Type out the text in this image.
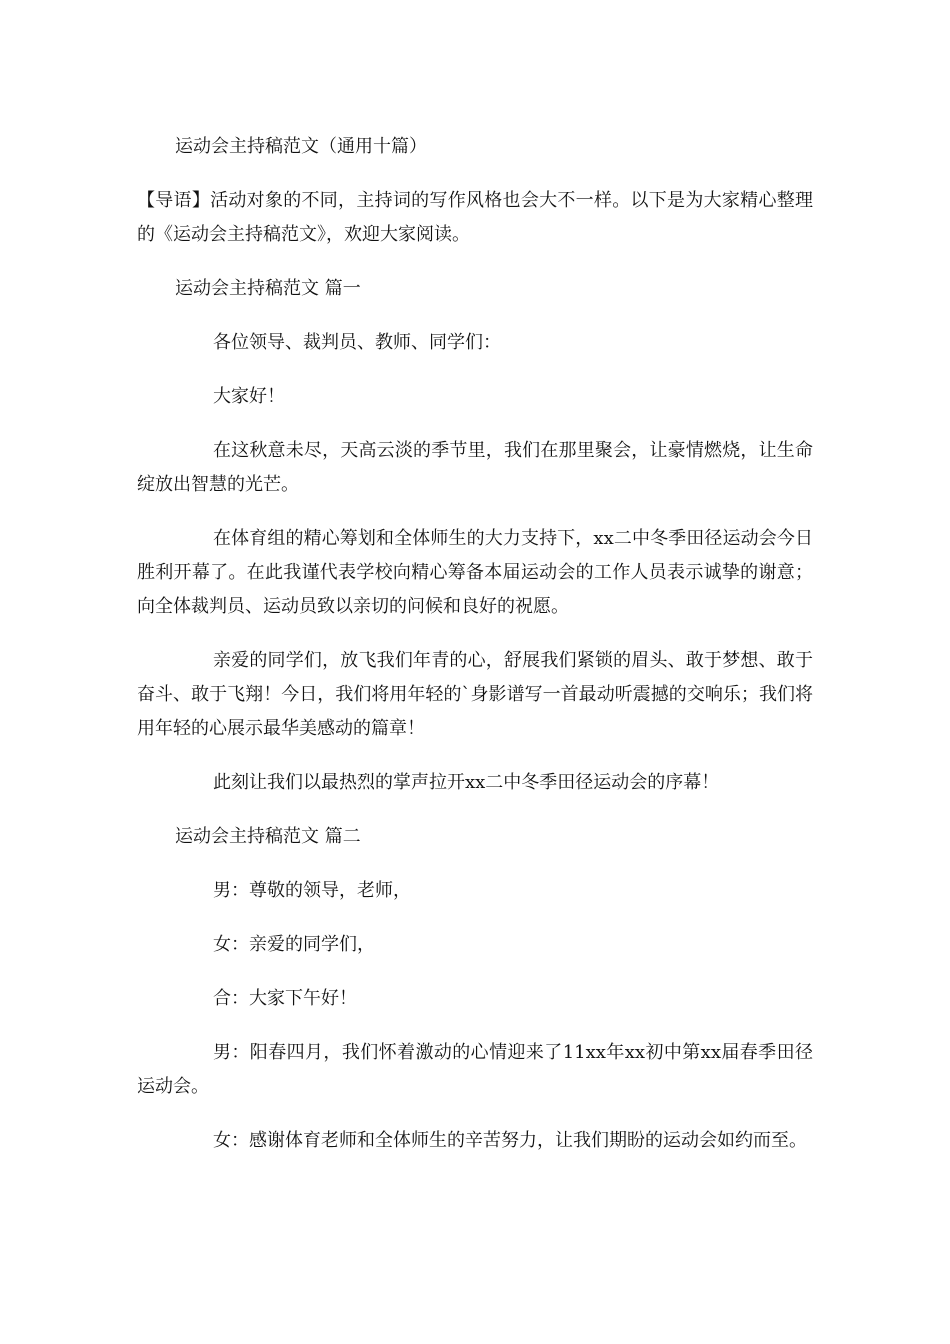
运动会主持稿范文（通用十篇）

【导语】活动对象的不同，主持词的写作风格也会大不一样。以下是为大家精心整理的《运动会主持稿范文》，欢迎大家阅读。

运动会主持稿范文 篇一

各位领导、裁判员、教师、同学们：

大家好！

在这秋意未尽，天高云淡的季节里，我们在那里聚会，让豪情燃烧，让生命绽放出智慧的光芒。

在体育组的精心筹划和全体师生的大力支持下，xx二中冬季田径运动会今日胜利开幕了。在此我谨代表学校向精心筹备本届运动会的工作人员表示诚挚的谢意；向全体裁判员、运动员致以亲切的问候和良好的祝愿。

亲爱的同学们，放飞我们年青的心，舒展我们紧锁的眉头、敢于梦想、敢于奋斗、敢于飞翔！今日，我们将用年轻的`身影谱写一首最动听震撼的交响乐；我们将用年轻的心展示最华美感动的篇章！

此刻让我们以最热烈的掌声拉开xx二中冬季田径运动会的序幕！

运动会主持稿范文 篇二

男：尊敬的领导，老师，

女：亲爱的同学们，

合：大家下午好！

男：阳春四月，我们怀着激动的心情迎来了11xx年xx初中第xx届春季田径运动会。

女：感谢体育老师和全体师生的辛苦努力，让我们期盼的运动会如约而至。
